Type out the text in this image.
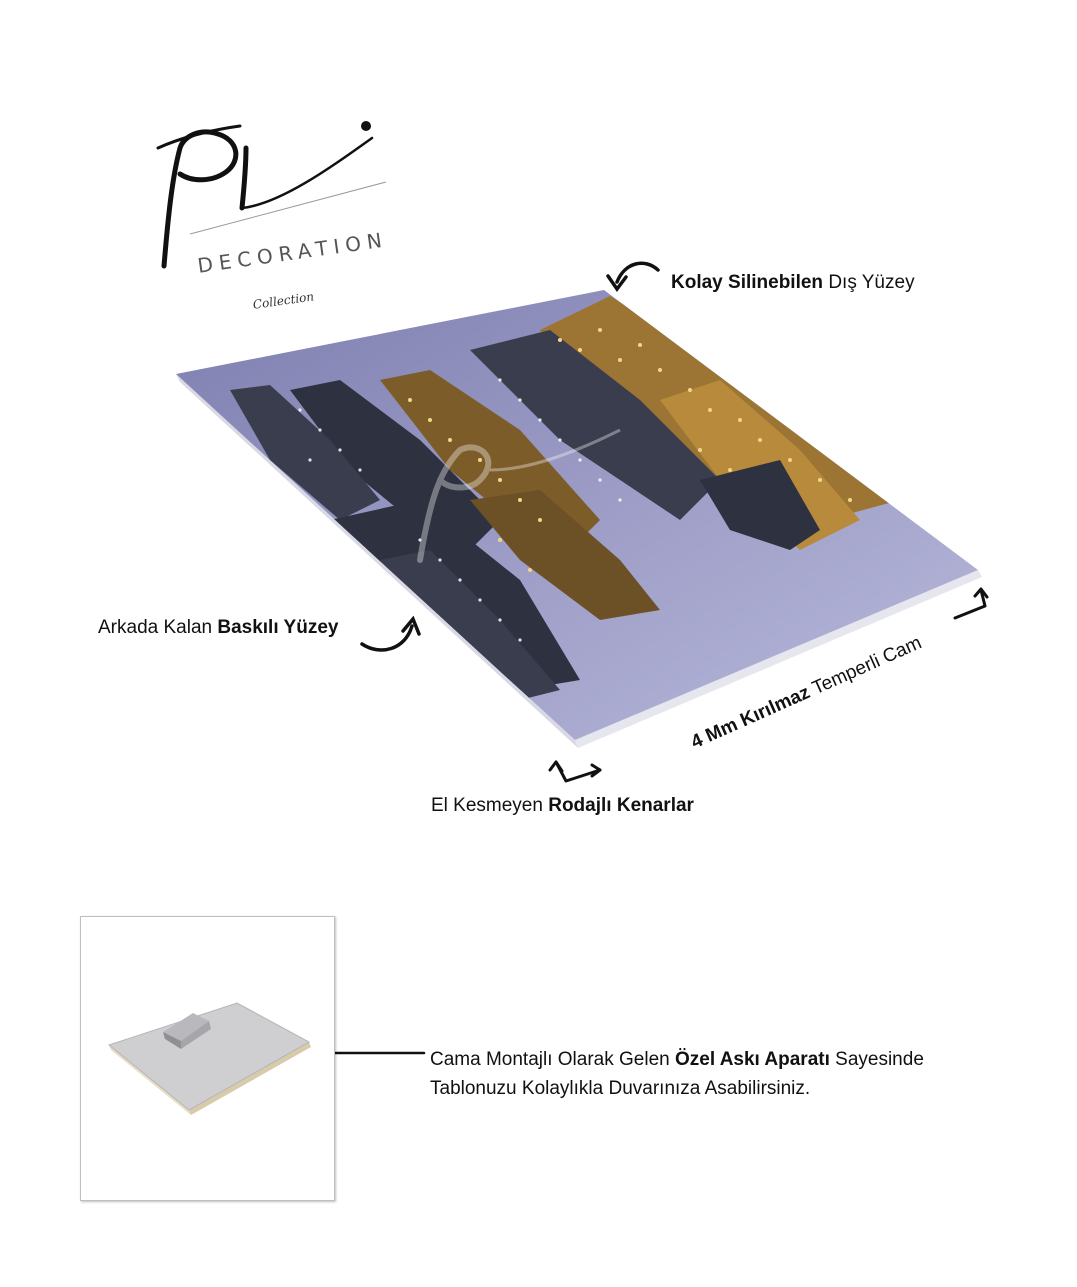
DECORATION
Collection
Kolay Silinebilen Dış Yüzey
Arkada Kalan Baskılı Yüzey
El Kesmeyen Rodajlı Kenarlar
4 Mm Kırılmaz Temperli Cam
Cama Montajlı Olarak Gelen Özel Askı Aparatı Sayesinde
Tablonuzu Kolaylıkla Duvarınıza Asabilirsiniz.
